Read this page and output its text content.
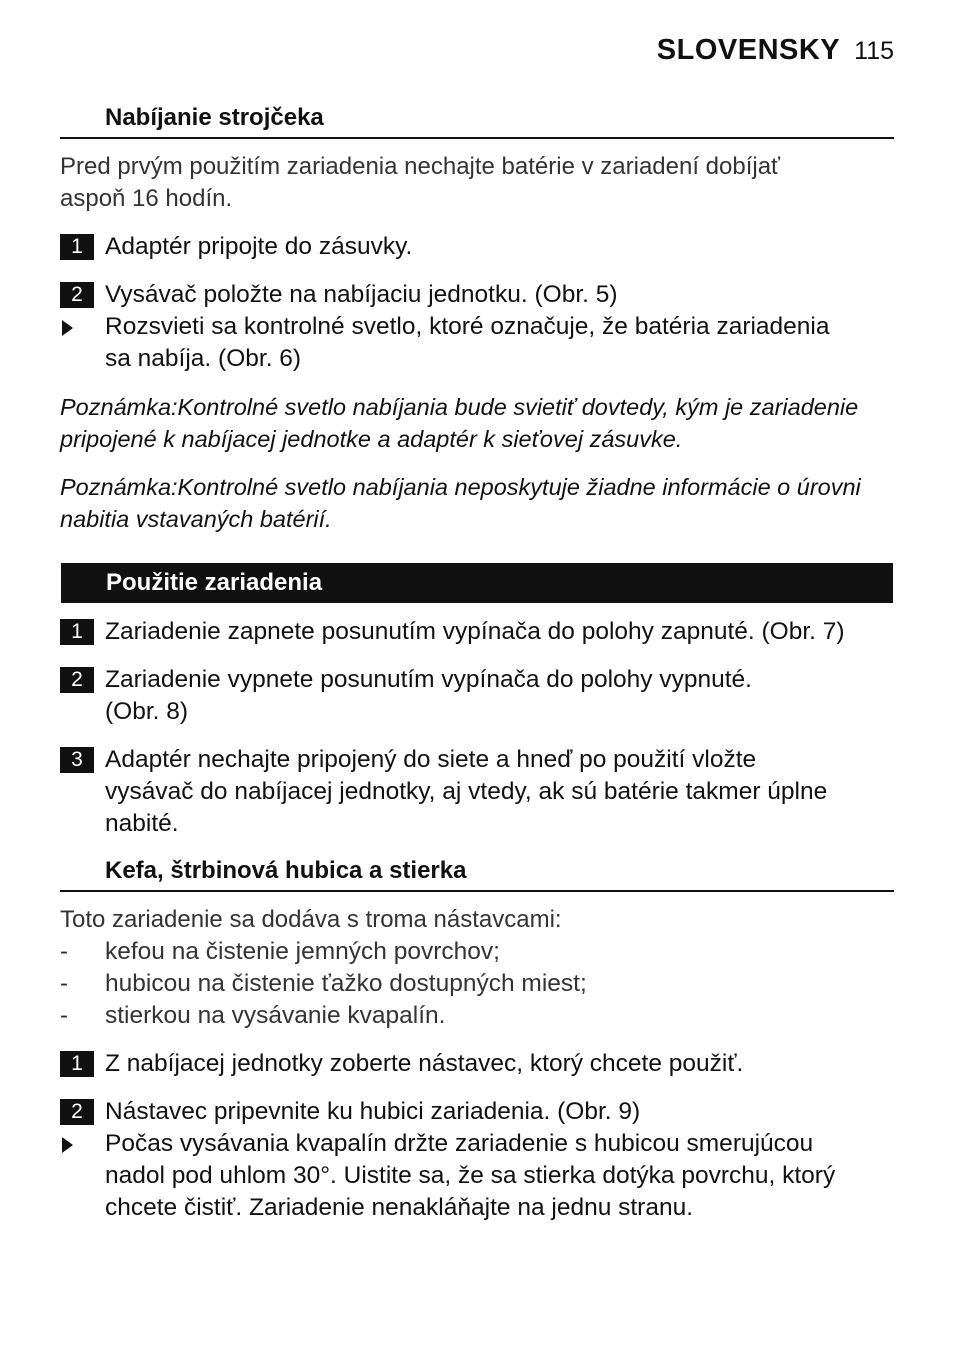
SLOVENSKY 115
Nabíjanie strojčeka
Pred prvým použitím zariadenia nechajte batérie v zariadení dobíjať
aspoň 16 hodín.
1 Adaptér pripojte do zásuvky.
2 Vysávač položte na nabíjaciu jednotku. (Obr. 5)
Rozsvieti sa kontrolné svetlo, ktoré označuje, že batéria zariadenia
sa nabíja. (Obr. 6)
Poznámka:Kontrolné svetlo nabíjania bude svietiť dovtedy, kým je zariadenie
pripojené k nabíjacej jednotke a adaptér k sieťovej zásuvke.
Poznámka:Kontrolné svetlo nabíjania neposkytuje žiadne informácie o úrovni
nabitia vstavaných batérií.
Použitie zariadenia
1 Zariadenie zapnete posunutím vypínača do polohy zapnuté. (Obr. 7)
2 Zariadenie vypnete posunutím vypínača do polohy vypnuté.
(Obr. 8)
3 Adaptér nechajte pripojený do siete a hneď po použití vložte
vysávač do nabíjacej jednotky, aj vtedy, ak sú batérie takmer úplne
nabité.
Kefa, štrbinová hubica a stierka
Toto zariadenie sa dodáva s troma nástavcami:
- kefou na čistenie jemných povrchov;
- hubicou na čistenie ťažko dostupných miest;
- stierkou na vysávanie kvapalín.
1 Z nabíjacej jednotky zoberte nástavec, ktorý chcete použiť.
2 Nástavec pripevnite ku hubici zariadenia. (Obr. 9)
Počas vysávania kvapalín držte zariadenie s hubicou smerujúcou
nadol pod uhlom 30°. Uistite sa, že sa stierka dotýka povrchu, ktorý
chcete čistiť. Zariadenie nenakláňajte na jednu stranu.
